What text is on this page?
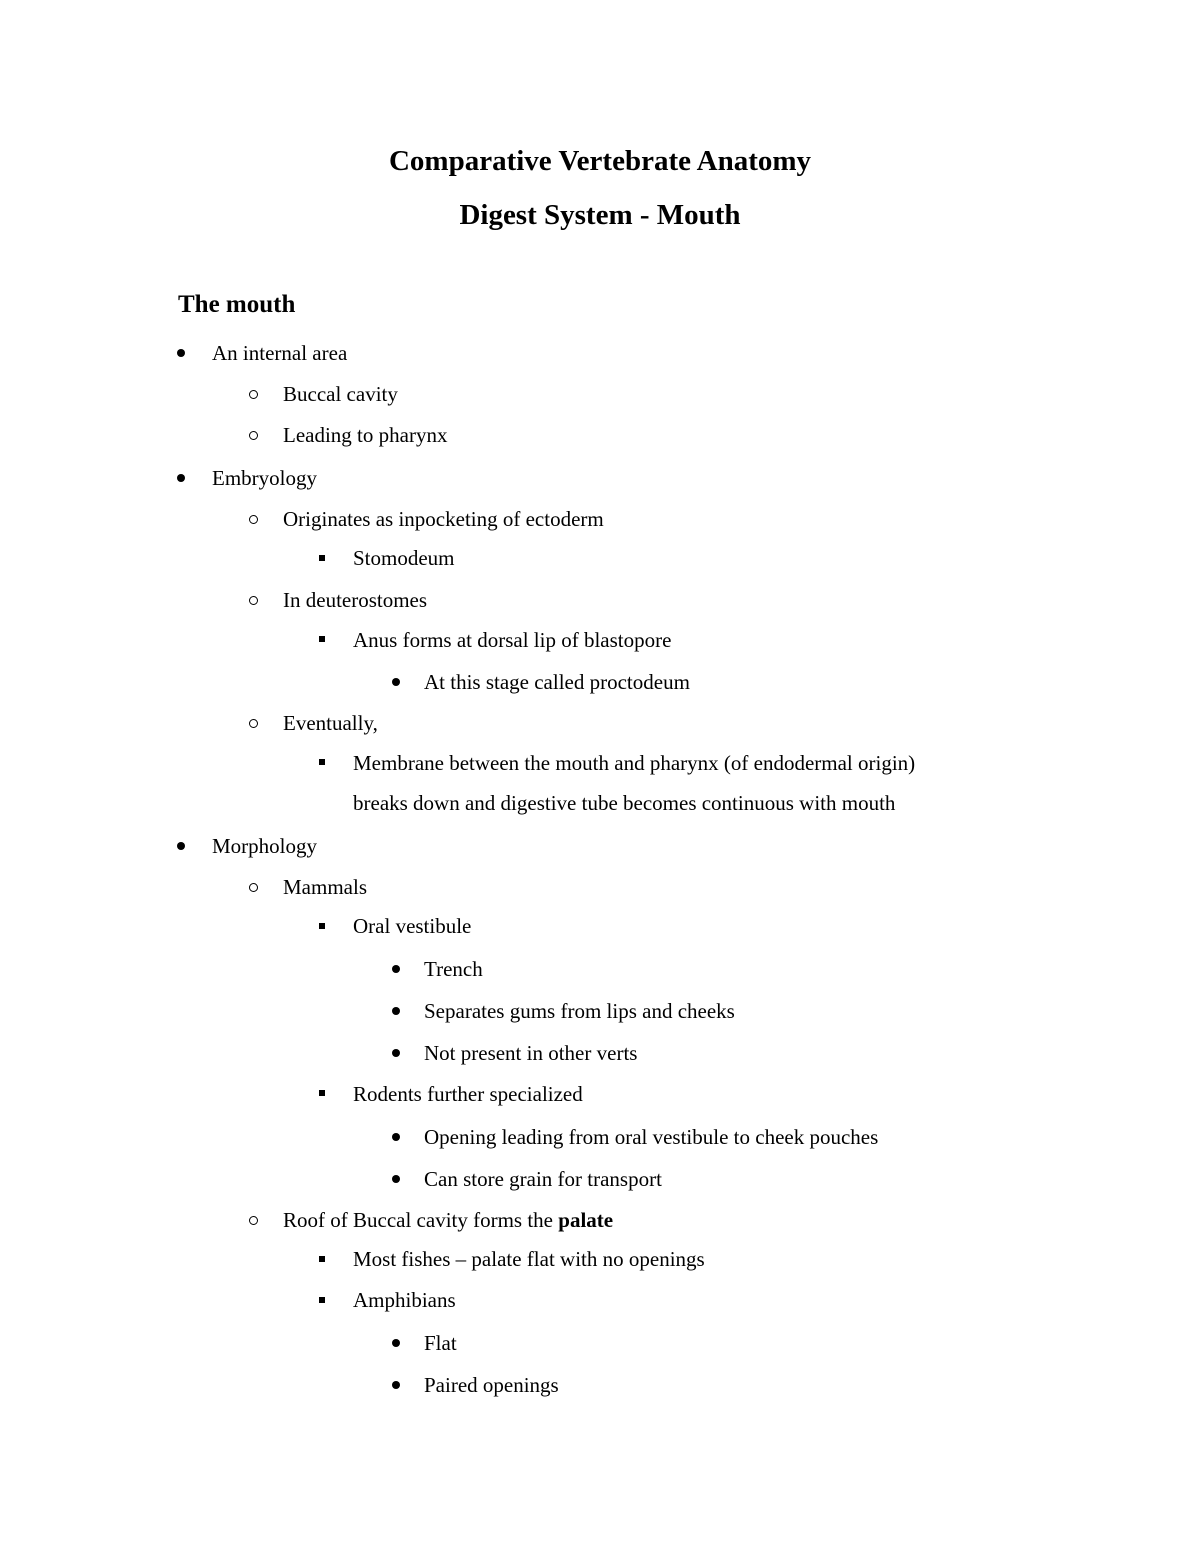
Comparative Vertebrate Anatomy
Digest System - Mouth
The mouth
An internal area
Buccal cavity
Leading to pharynx
Embryology
Originates as inpocketing of ectoderm
Stomodeum
In deuterostomes
Anus forms at dorsal lip of blastopore
At this stage called proctodeum
Eventually,
Membrane between the mouth and pharynx (of endodermal origin)
breaks down and digestive tube becomes continuous with mouth
Morphology
Mammals
Oral vestibule
Trench
Separates gums from lips and cheeks
Not present in other verts
Rodents further specialized
Opening leading from oral vestibule to cheek pouches
Can store grain for transport
Roof of Buccal cavity forms the palate
Most fishes – palate flat with no openings
Amphibians
Flat
Paired openings
